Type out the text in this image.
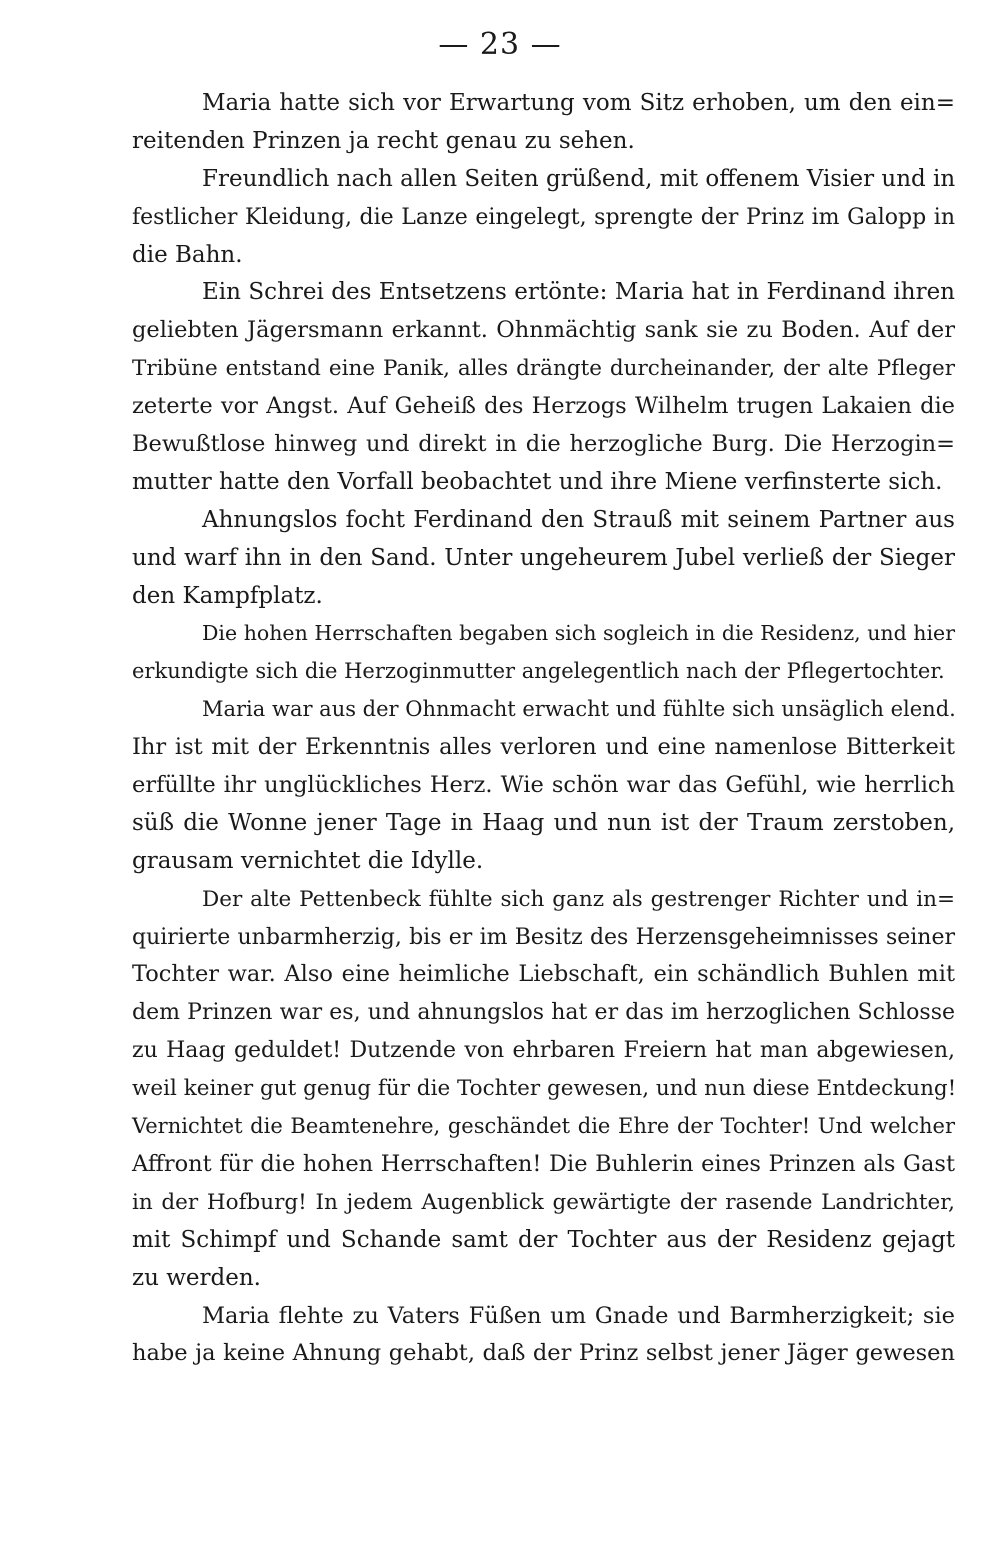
— 23 —
Maria hatte sich vor Erwartung vom Sitz erhoben, um den ein=
reitenden Prinzen ja recht genau zu sehen.
Freundlich nach allen Seiten grüßend, mit offenem Visier und in
festlicher Kleidung, die Lanze eingelegt, sprengte der Prinz im Galopp in
die Bahn.
Ein Schrei des Entsetzens ertönte: Maria hat in Ferdinand ihren
geliebten Jägersmann erkannt. Ohnmächtig sank sie zu Boden. Auf der
Tribüne entstand eine Panik, alles drängte durcheinander, der alte Pfleger
zeterte vor Angst. Auf Geheiß des Herzogs Wilhelm trugen Lakaien die
Bewußtlose hinweg und direkt in die herzogliche Burg. Die Herzogin=
mutter hatte den Vorfall beobachtet und ihre Miene verfinsterte sich.
Ahnungslos focht Ferdinand den Strauß mit seinem Partner aus
und warf ihn in den Sand. Unter ungeheurem Jubel verließ der Sieger
den Kampfplatz.
Die hohen Herrschaften begaben sich sogleich in die Residenz, und hier
erkundigte sich die Herzoginmutter angelegentlich nach der Pflegertochter.
Maria war aus der Ohnmacht erwacht und fühlte sich unsäglich elend.
Ihr ist mit der Erkenntnis alles verloren und eine namenlose Bitterkeit
erfüllte ihr unglückliches Herz. Wie schön war das Gefühl, wie herrlich
süß die Wonne jener Tage in Haag und nun ist der Traum zerstoben,
grausam vernichtet die Idylle.
Der alte Pettenbeck fühlte sich ganz als gestrenger Richter und in=
quirierte unbarmherzig, bis er im Besitz des Herzensgeheimnisses seiner
Tochter war. Also eine heimliche Liebschaft, ein schändlich Buhlen mit
dem Prinzen war es, und ahnungslos hat er das im herzoglichen Schlosse
zu Haag geduldet! Dutzende von ehrbaren Freiern hat man abgewiesen,
weil keiner gut genug für die Tochter gewesen, und nun diese Entdeckung!
Vernichtet die Beamtenehre, geschändet die Ehre der Tochter! Und welcher
Affront für die hohen Herrschaften! Die Buhlerin eines Prinzen als Gast
in der Hofburg! In jedem Augenblick gewärtigte der rasende Landrichter,
mit Schimpf und Schande samt der Tochter aus der Residenz gejagt
zu werden.
Maria flehte zu Vaters Füßen um Gnade und Barmherzigkeit; sie
habe ja keine Ahnung gehabt, daß der Prinz selbst jener Jäger gewesen
